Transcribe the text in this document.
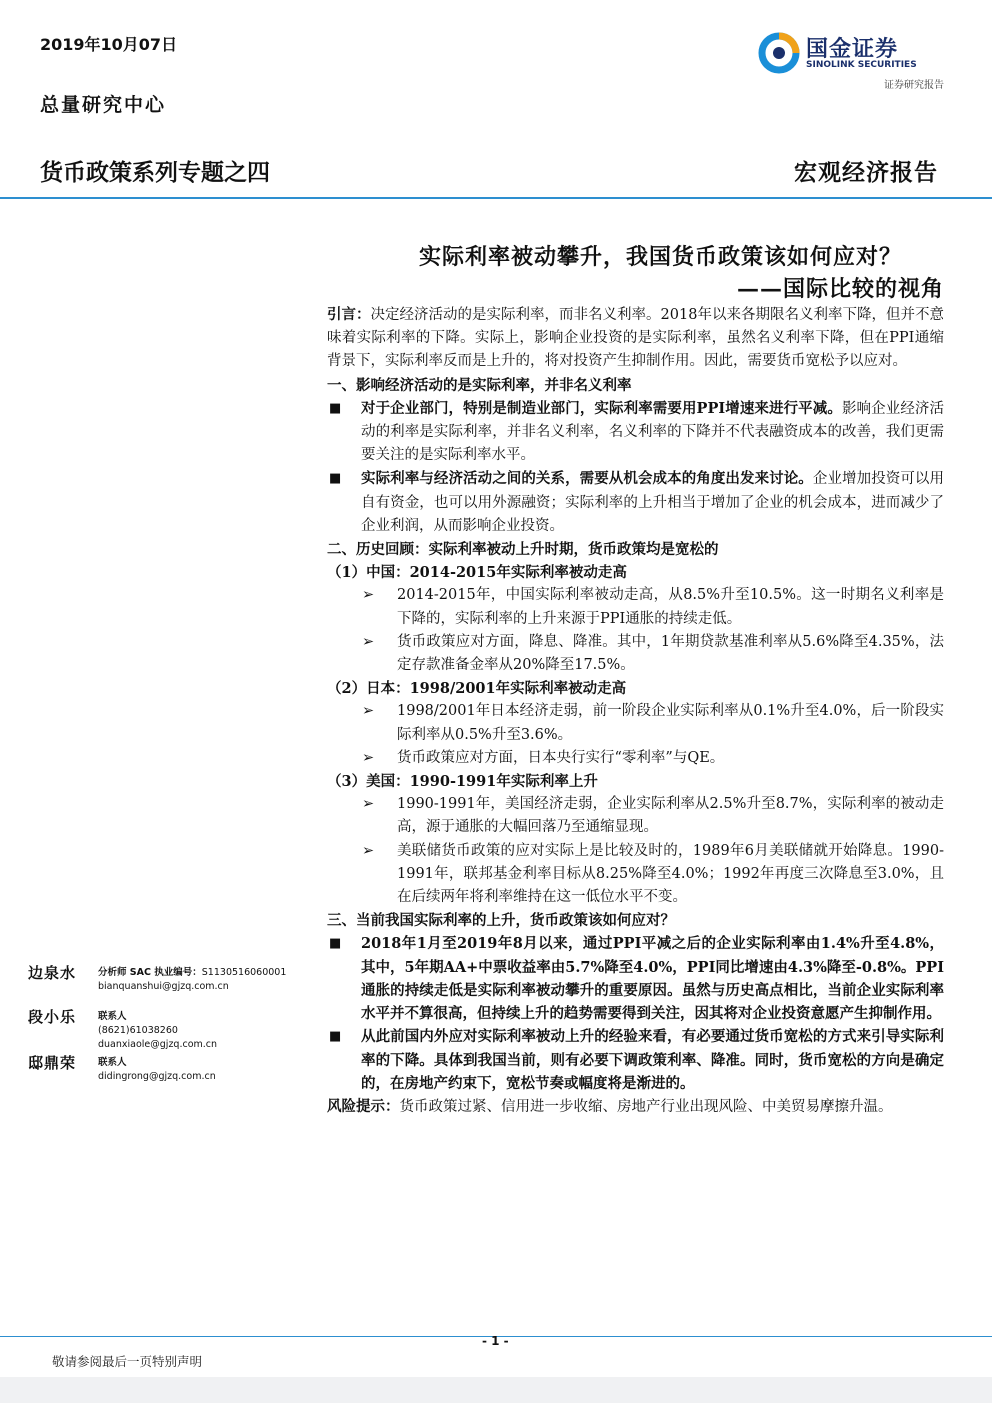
2019年10月07日
总量研究中心
货币政策系列专题之四	宏观经济报告
国金证券
SINOLINK SECURITIES
证券研究报告
实际利率被动攀升，我国货币政策该如何应对？
——国际比较的视角

引言：决定经济活动的是实际利率，而非名义利率。2018年以来各期限名义利率下降，但并不意味着实际利率的下降。实际上，影响企业投资的是实际利率，虽然名义利率下降，但在PPI通缩背景下，实际利率反而是上升的，将对投资产生抑制作用。因此，需要货币宽松予以应对。

一、影响经济活动的是实际利率，并非名义利率

■	对于企业部门，特别是制造业部门，实际利率需要用PPI增速来进行平减。影响企业经济活动的利率是实际利率，并非名义利率，名义利率的下降并不代表融资成本的改善，我们更需要关注的是实际利率水平。
■	实际利率与经济活动之间的关系，需要从机会成本的角度出发来讨论。企业增加投资可以用自有资金，也可以用外源融资；实际利率的上升相当于增加了企业的机会成本，进而减少了企业利润，从而影响企业投资。

二、历史回顾：实际利率被动上升时期，货币政策均是宽松的

（1）中国：2014-2015年实际利率被动走高

➢	2014-2015年，中国实际利率被动走高，从8.5%升至10.5%。这一时期名义利率是下降的，实际利率的上升来源于PPI通胀的持续走低。
➢	货币政策应对方面，降息、降准。其中，1年期贷款基准利率从5.6%降至4.35%，法定存款准备金率从20%降至17.5%。

（2）日本：1998/2001年实际利率被动走高

➢	1998/2001年日本经济走弱，前一阶段企业实际利率从0.1%升至4.0%，后一阶段实际利率从0.5%升至3.6%。
➢	货币政策应对方面，日本央行实行“零利率”与QE。

（3）美国：1990-1991年实际利率上升

➢	1990-1991年，美国经济走弱，企业实际利率从2.5%升至8.7%，实际利率的被动走高，源于通胀的大幅回落乃至通缩显现。
➢	美联储货币政策的应对实际上是比较及时的，1989年6月美联储就开始降息。1990-1991年，联邦基金利率目标从8.25%降至4.0%；1992年再度三次降息至3.0%，且在后续两年将利率维持在这一低位水平不变。

三、当前我国实际利率的上升，货币政策该如何应对？

■	2018年1月至2019年8月以来，通过PPI平减之后的企业实际利率由1.4%升至4.8%，其中，5年期AA+中票收益率由5.7%降至4.0%，PPI同比增速由4.3%降至-0.8%。PPI通胀的持续走低是实际利率被动攀升的重要原因。虽然与历史高点相比，当前企业实际利率水平并不算很高，但持续上升的趋势需要得到关注，因其将对企业投资意愿产生抑制作用。
■	从此前国内外应对实际利率被动上升的经验来看，有必要通过货币宽松的方式来引导实际利率的下降。具体到我国当前，则有必要下调政策利率、降准。同时，货币宽松的方向是确定的，在房地产约束下，宽松节奏或幅度将是渐进的。

风险提示：货币政策过紧、信用进一步收缩、房地产行业出现风险、中美贸易摩擦升温。

边泉水 分析师 SAC 执业编号：S1130516060001
bianquanshui@gjzq.com.cn
段小乐 联系人
(8621)61038260
duanxiaole@gjzq.com.cn
邸鼎荣 联系人
didingrong@gjzq.com.cn
- 1 -
敬请参阅最后一页特别声明
